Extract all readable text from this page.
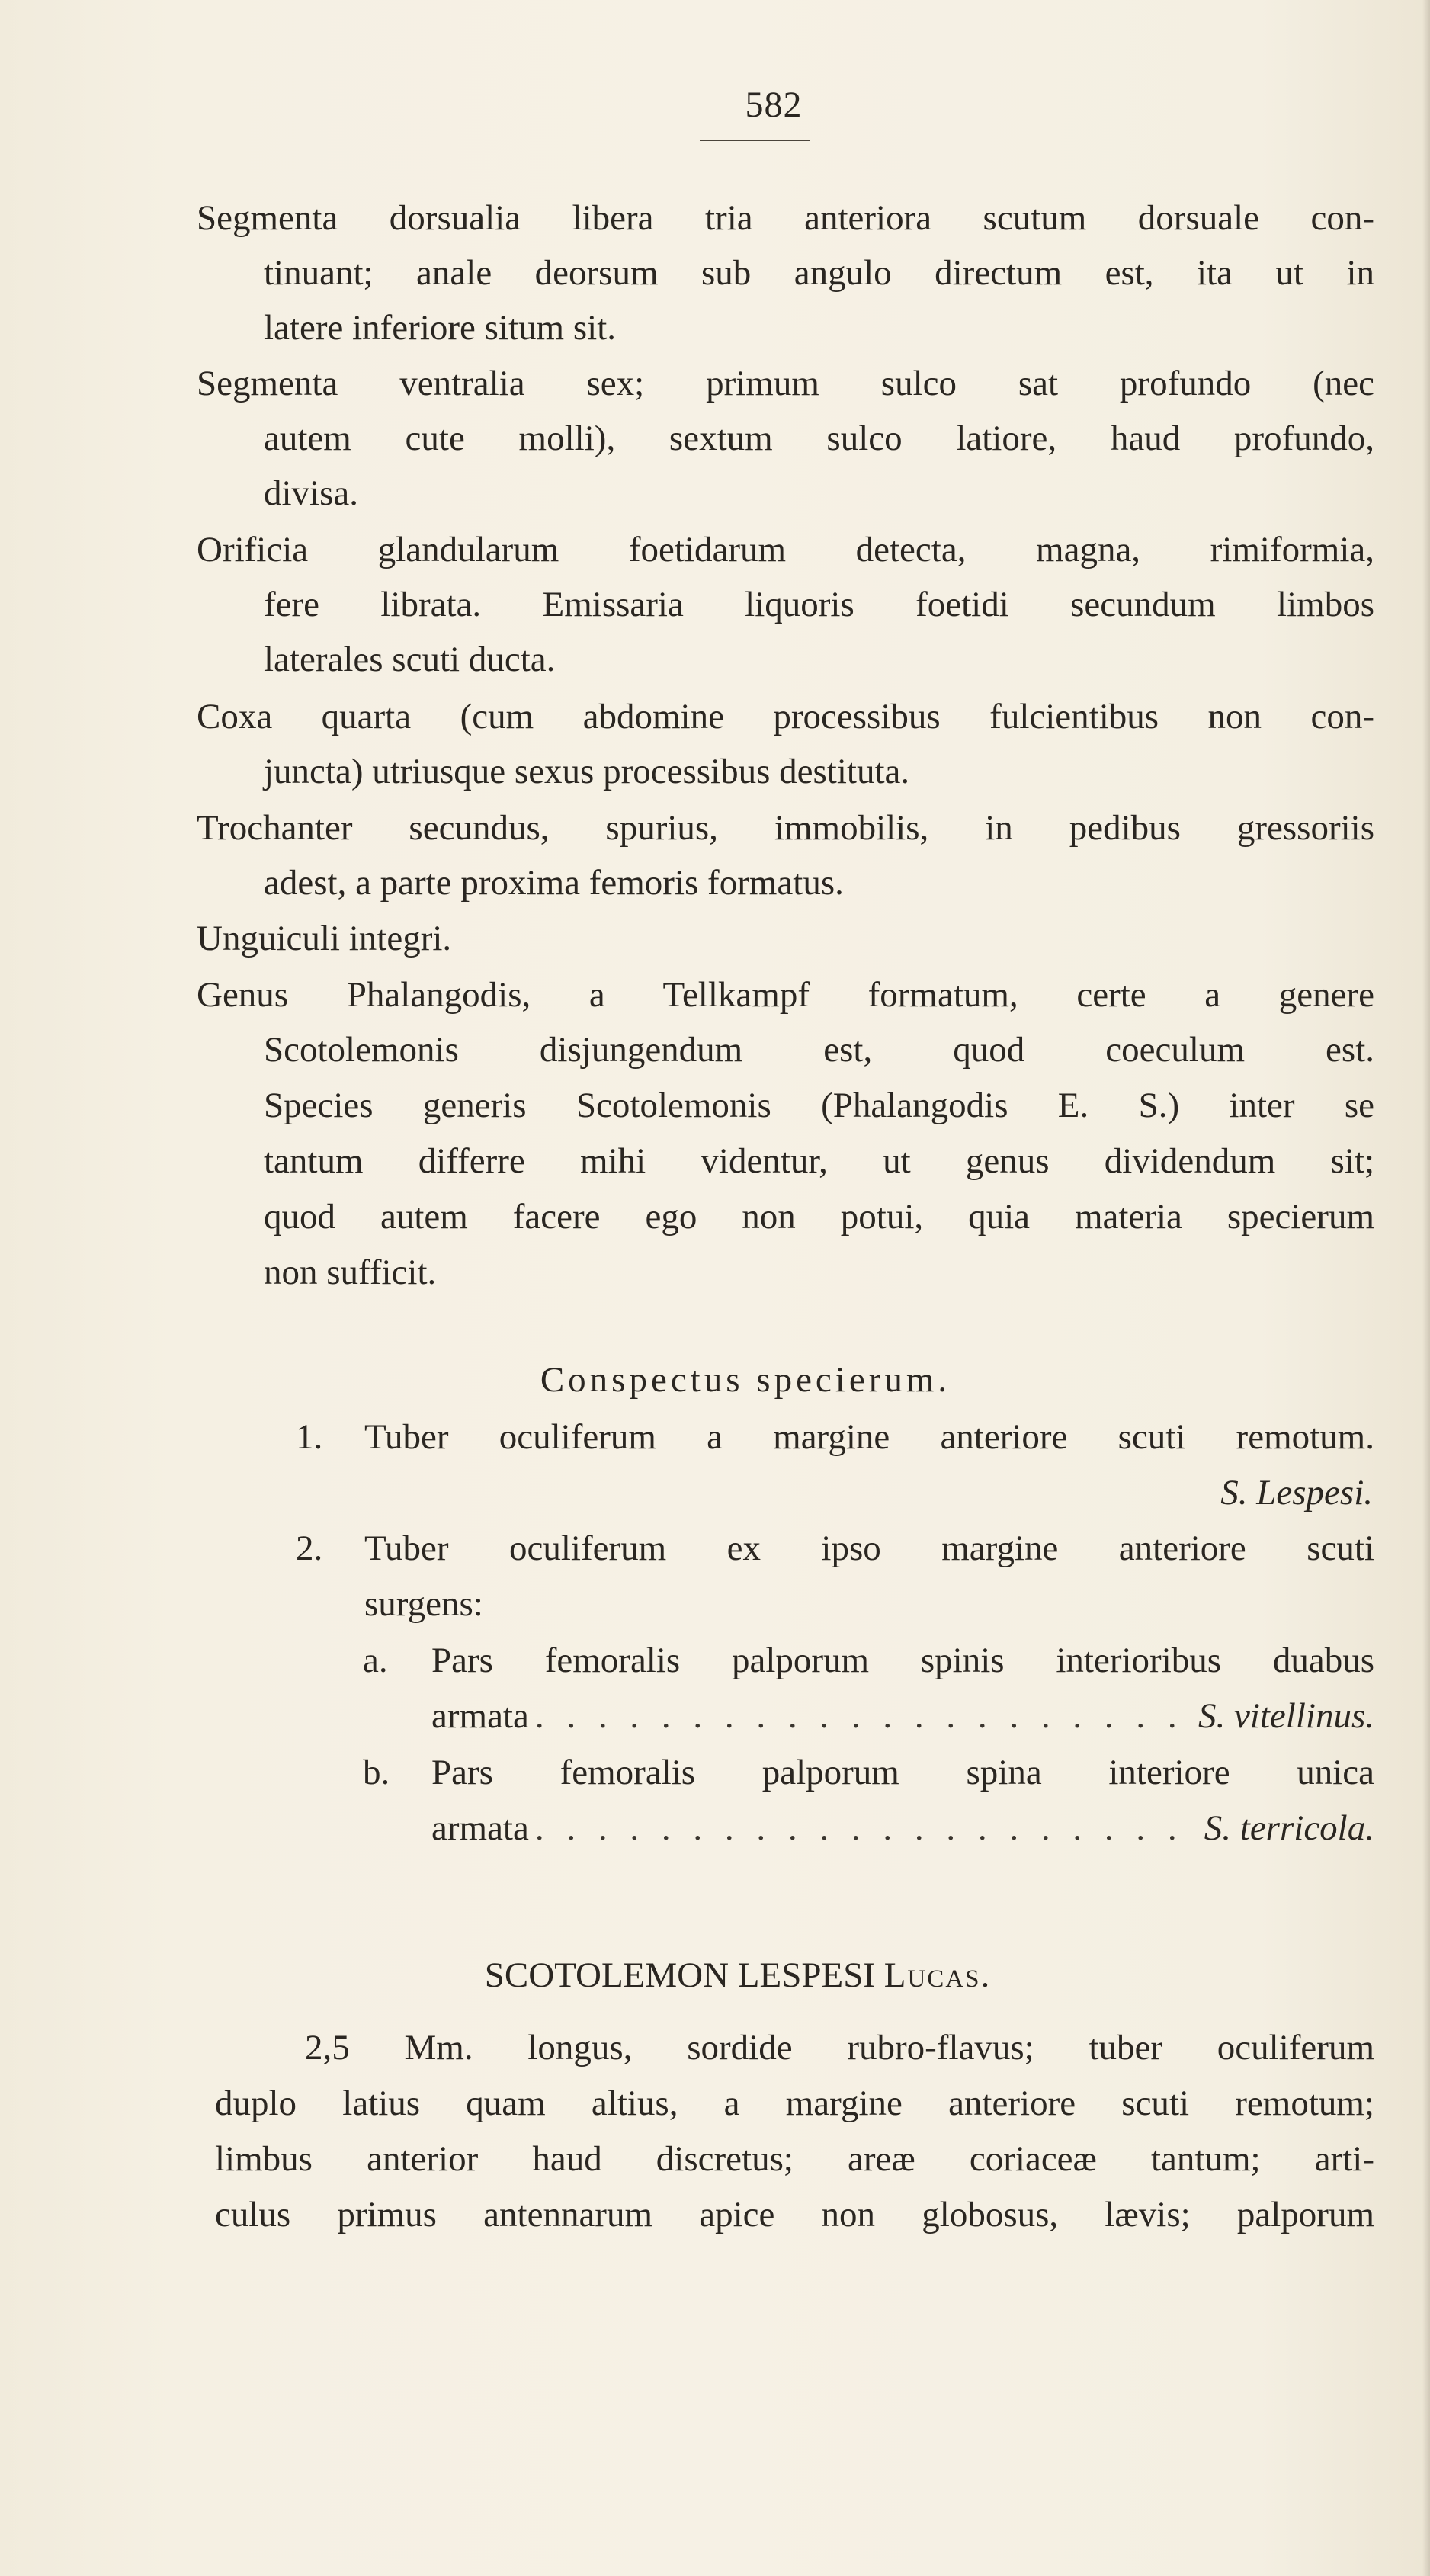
582
Segmenta dorsualia libera tria anteriora scutum dorsuale con-
tinuant; anale deorsum sub angulo directum est, ita ut in
latere inferiore situm sit.
Segmenta ventralia sex; primum sulco sat profundo (nec
autem cute molli), sextum sulco latiore, haud profundo,
divisa.
Orificia glandularum foetidarum detecta, magna, rimiformia,
fere librata. Emissaria liquoris foetidi secundum limbos
laterales scuti ducta.
Coxa quarta (cum abdomine processibus fulcientibus non con-
juncta) utriusque sexus processibus destituta.
Trochanter secundus, spurius, immobilis, in pedibus gressoriis
adest, a parte proxima femoris formatus.
Unguiculi integri.
Genus Phalangodis, a Tellkampf formatum, certe a genere
Scotolemonis disjungendum est, quod coeculum est.
Species generis Scotolemonis (Phalangodis E. S.) inter se
tantum differre mihi videntur, ut genus dividendum sit;
quod autem facere ego non potui, quia materia specierum
non sufficit.
Conspectus specierum.
1. Tuber oculiferum a margine anteriore scuti remotum.
S. Lespesi.
2. Tuber oculiferum ex ipso margine anteriore scuti
surgens:
a. Pars femoralis palporum spinis interioribus duabus
armata . . . . . . . . . . . . . . . . . . . . . S. vitellinus.
b. Pars femoralis palporum spina interiore unica
armata . . . . . . . . . . . . . . . . . . . . . S. terricola.
SCOTOLEMON LESPESI Lucas.
2,5 Mm. longus, sordide rubro-flavus; tuber oculiferum
duplo latius quam altius, a margine anteriore scuti remotum;
limbus anterior haud discretus; areæ coriaceæ tantum; arti-
culus primus antennarum apice non globosus, lævis; palporum
